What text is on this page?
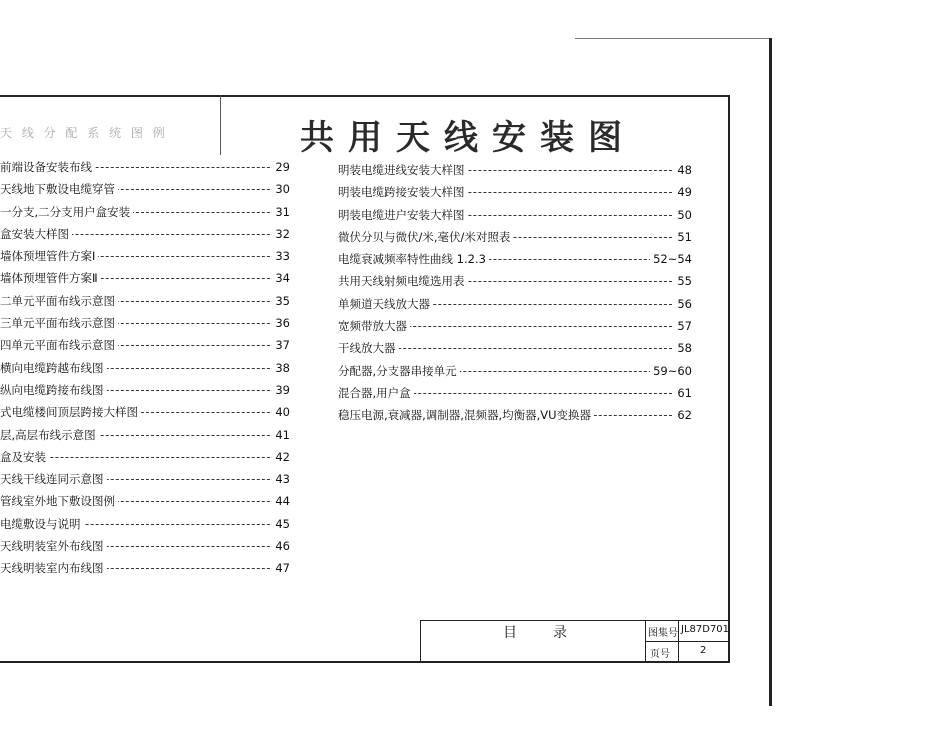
共用天线安装图
天 线 分 配 系 统 图 例
前端设备安装布线	29
天线地下敷设电缆穿管	30
一分支,二分支用户盒安装	31
盒安装大样图	32
墙体预埋管件方案Ⅰ	33
墙体预埋管件方案Ⅱ	34
二单元平面布线示意图	35
三单元平面布线示意图	36
四单元平面布线示意图	37
横向电缆跨越布线图	38
纵向电缆跨接布线图	39
式电缆楼间顶层跨接大样图	40
层,高层布线示意图	41
盒及安装	42
天线干线连同示意图	43
管线室外地下敷设图例	44
电缆敷设与说明	45
天线明装室外布线图	46
天线明装室内布线图	47
明装电缆进线安装大样图	48
明装电缆跨接安装大样图	49
明装电缆进户安装大样图	50
微伏分贝与微伏/米,毫伏/米对照表	51
电缆衰减频率特性曲线 1.2.3	52~54
共用天线射频电缆选用表	55
单频道天线放大器	56
宽频带放大器	57
干线放大器	58
分配器,分支器串接单元	59~60
混合器,用户盒	61
稳压电源,衰减器,调制器,混频器,均衡器,VU变换器	62
目录	图集号 JL87D701
页号	2
